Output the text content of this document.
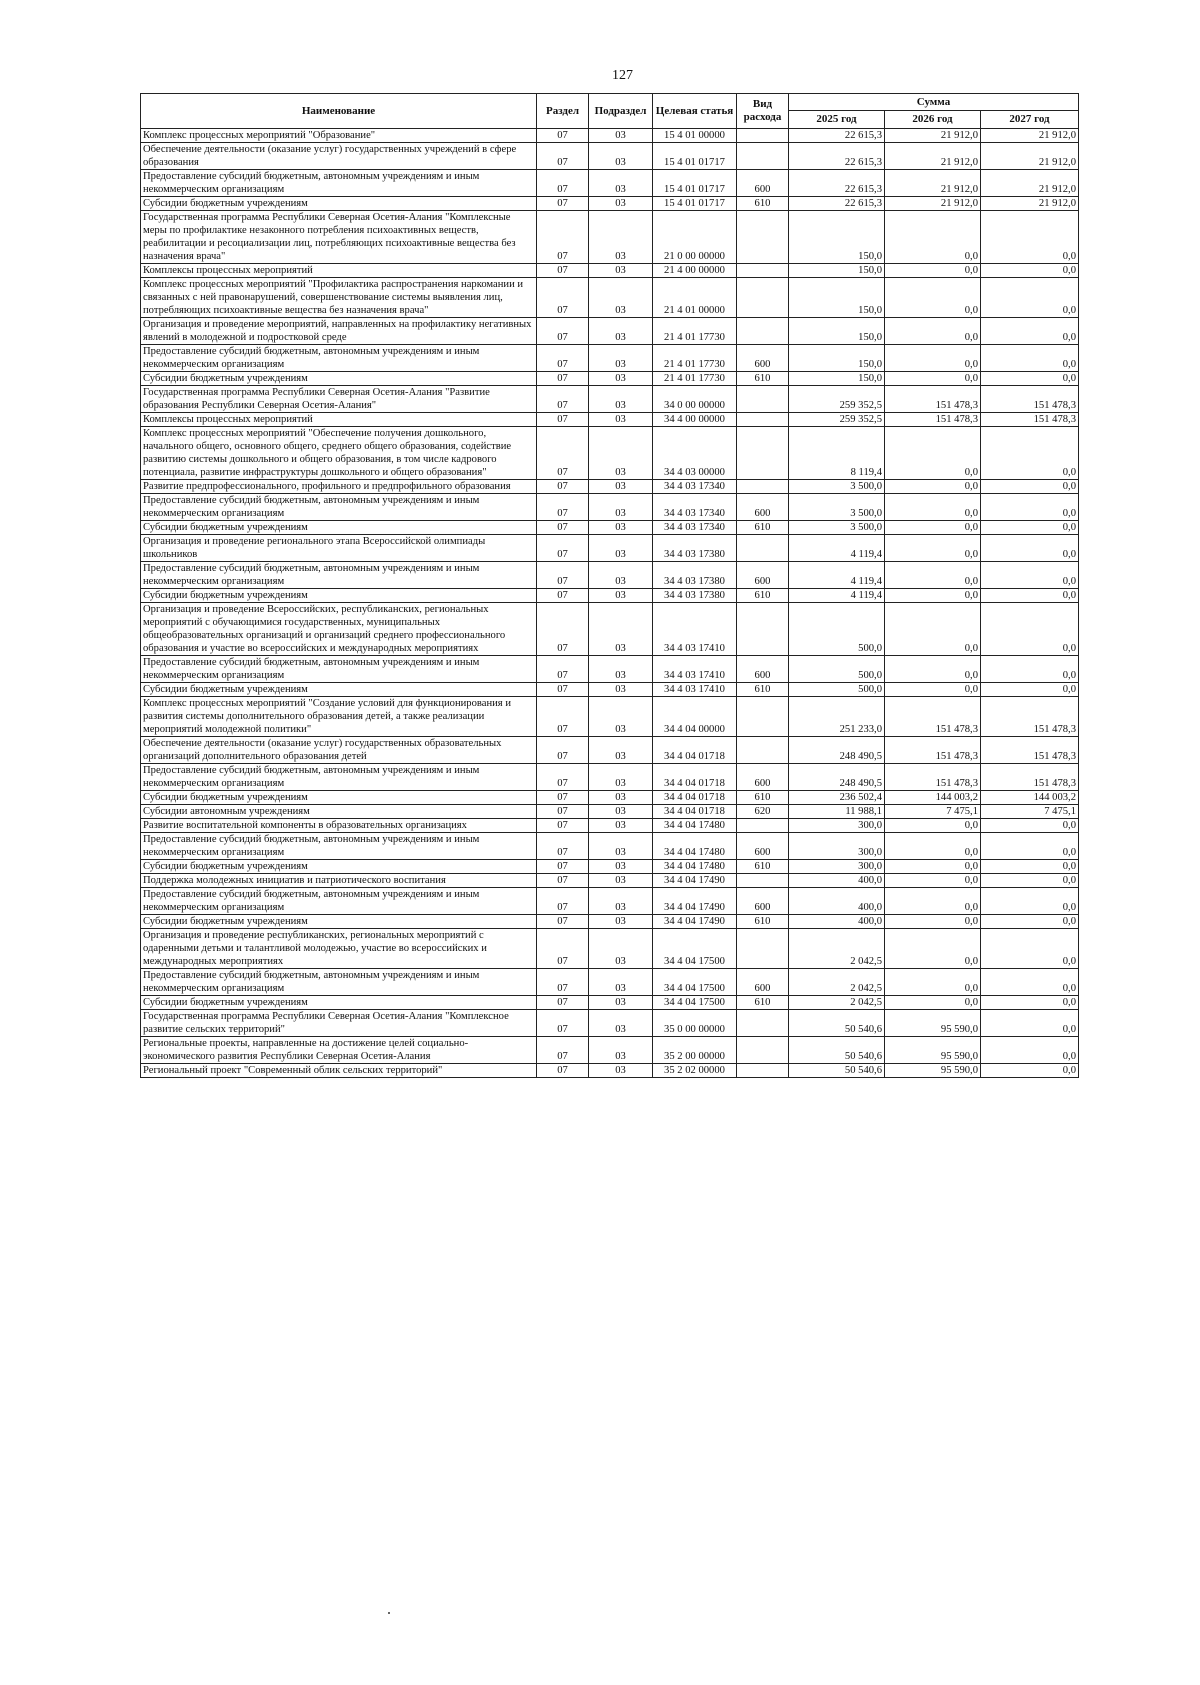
127
Наименование	Раздел	Подраздел	Целевая статья	Вид расхода	Сумма		
					2025 год	2026 год	2027 год
Комплекс процессных мероприятий "Образование"	07	03	15 4 01 00000		22 615,3	21 912,0	21 912,0
Обеспечение деятельности (оказание услуг) государственных учреждений в сфере образования	07	03	15 4 01 01717		22 615,3	21 912,0	21 912,0
Предоставление субсидий бюджетным, автономным учреждениям и иным некоммерческим организациям	07	03	15 4 01 01717	600	22 615,3	21 912,0	21 912,0
Субсидии бюджетным учреждениям	07	03	15 4 01 01717	610	22 615,3	21 912,0	21 912,0
Государственная программа Республики Северная Осетия-Алания "Комплексные меры по профилактике незаконного потребления психоактивных веществ, реабилитации и ресоциализации лиц, потребляющих психоактивные вещества без назначения врача"	07	03	21 0 00 00000		150,0	0,0	0,0
Комплексы процессных мероприятий	07	03	21 4 00 00000		150,0	0,0	0,0
Комплекс процессных мероприятий "Профилактика распространения наркомании и связанных с ней правонарушений, совершенствование системы выявления лиц, потребляющих психоактивные вещества без назначения врача"	07	03	21 4 01 00000		150,0	0,0	0,0
Организация и проведение мероприятий, направленных на профилактику негативных явлений в молодежной и подростковой среде	07	03	21 4 01 17730		150,0	0,0	0,0
Предоставление субсидий бюджетным, автономным учреждениям и иным некоммерческим организациям	07	03	21 4 01 17730	600	150,0	0,0	0,0
Субсидии бюджетным учреждениям	07	03	21 4 01 17730	610	150,0	0,0	0,0
Государственная программа Республики Северная Осетия-Алания "Развитие образования Республики Северная Осетия-Алания"	07	03	34 0 00 00000		259 352,5	151 478,3	151 478,3
Комплексы процессных мероприятий	07	03	34 4 00 00000		259 352,5	151 478,3	151 478,3
Комплекс процессных мероприятий "Обеспечение получения дошкольного, начального общего, основного общего, среднего общего образования, содействие развитию системы дошкольного и общего образования, в том числе кадрового потенциала, развитие инфраструктуры дошкольного и общего образования"	07	03	34 4 03 00000		8 119,4	0,0	0,0
Развитие предпрофессионального, профильного и предпрофильного образования	07	03	34 4 03 17340		3 500,0	0,0	0,0
Предоставление субсидий бюджетным, автономным учреждениям и иным некоммерческим организациям	07	03	34 4 03 17340	600	3 500,0	0,0	0,0
Субсидии бюджетным учреждениям	07	03	34 4 03 17340	610	3 500,0	0,0	0,0
Организация и проведение регионального этапа Всероссийской олимпиады школьников	07	03	34 4 03 17380		4 119,4	0,0	0,0
Предоставление субсидий бюджетным, автономным учреждениям и иным некоммерческим организациям	07	03	34 4 03 17380	600	4 119,4	0,0	0,0
Субсидии бюджетным учреждениям	07	03	34 4 03 17380	610	4 119,4	0,0	0,0
Организация и проведение Всероссийских, республиканских, региональных мероприятий с обучающимися государственных, муниципальных общеобразовательных организаций и организаций среднего профессионального образования и участие во всероссийских и международных мероприятиях	07	03	34 4 03 17410		500,0	0,0	0,0
Предоставление субсидий бюджетным, автономным учреждениям и иным некоммерческим организациям	07	03	34 4 03 17410	600	500,0	0,0	0,0
Субсидии бюджетным учреждениям	07	03	34 4 03 17410	610	500,0	0,0	0,0
Комплекс процессных мероприятий "Создание условий для функционирования и развития системы дополнительного образования детей, а также реализации мероприятий молодежной политики"	07	03	34 4 04 00000		251 233,0	151 478,3	151 478,3
Обеспечение деятельности (оказание услуг) государственных образовательных организаций дополнительного образования детей	07	03	34 4 04 01718		248 490,5	151 478,3	151 478,3
Предоставление субсидий бюджетным, автономным учреждениям и иным некоммерческим организациям	07	03	34 4 04 01718	600	248 490,5	151 478,3	151 478,3
Субсидии бюджетным учреждениям	07	03	34 4 04 01718	610	236 502,4	144 003,2	144 003,2
Субсидии автономным учреждениям	07	03	34 4 04 01718	620	11 988,1	7 475,1	7 475,1
Развитие воспитательной компоненты в образовательных организациях	07	03	34 4 04 17480		300,0	0,0	0,0
Предоставление субсидий бюджетным, автономным учреждениям и иным некоммерческим организациям	07	03	34 4 04 17480	600	300,0	0,0	0,0
Субсидии бюджетным учреждениям	07	03	34 4 04 17480	610	300,0	0,0	0,0
Поддержка молодежных инициатив и патриотического воспитания	07	03	34 4 04 17490		400,0	0,0	0,0
Предоставление субсидий бюджетным, автономным учреждениям и иным некоммерческим организациям	07	03	34 4 04 17490	600	400,0	0,0	0,0
Субсидии бюджетным учреждениям	07	03	34 4 04 17490	610	400,0	0,0	0,0
Организация и проведение республиканских, региональных мероприятий с одаренными детьми и талантливой молодежью, участие во всероссийских и международных мероприятиях	07	03	34 4 04 17500		2 042,5	0,0	0,0
Предоставление субсидий бюджетным, автономным учреждениям и иным некоммерческим организациям	07	03	34 4 04 17500	600	2 042,5	0,0	0,0
Субсидии бюджетным учреждениям	07	03	34 4 04 17500	610	2 042,5	0,0	0,0
Государственная программа Республики Северная Осетия-Алания "Комплексное развитие сельских территорий"	07	03	35 0 00 00000		50 540,6	95 590,0	0,0
Региональные проекты, направленные на достижение целей социально-экономического развития Республики Северная Осетия-Алания	07	03	35 2 00 00000		50 540,6	95 590,0	0,0
Региональный проект "Современный облик сельских территорий"	07	03	35 2 02 00000		50 540,6	95 590,0	0,0
